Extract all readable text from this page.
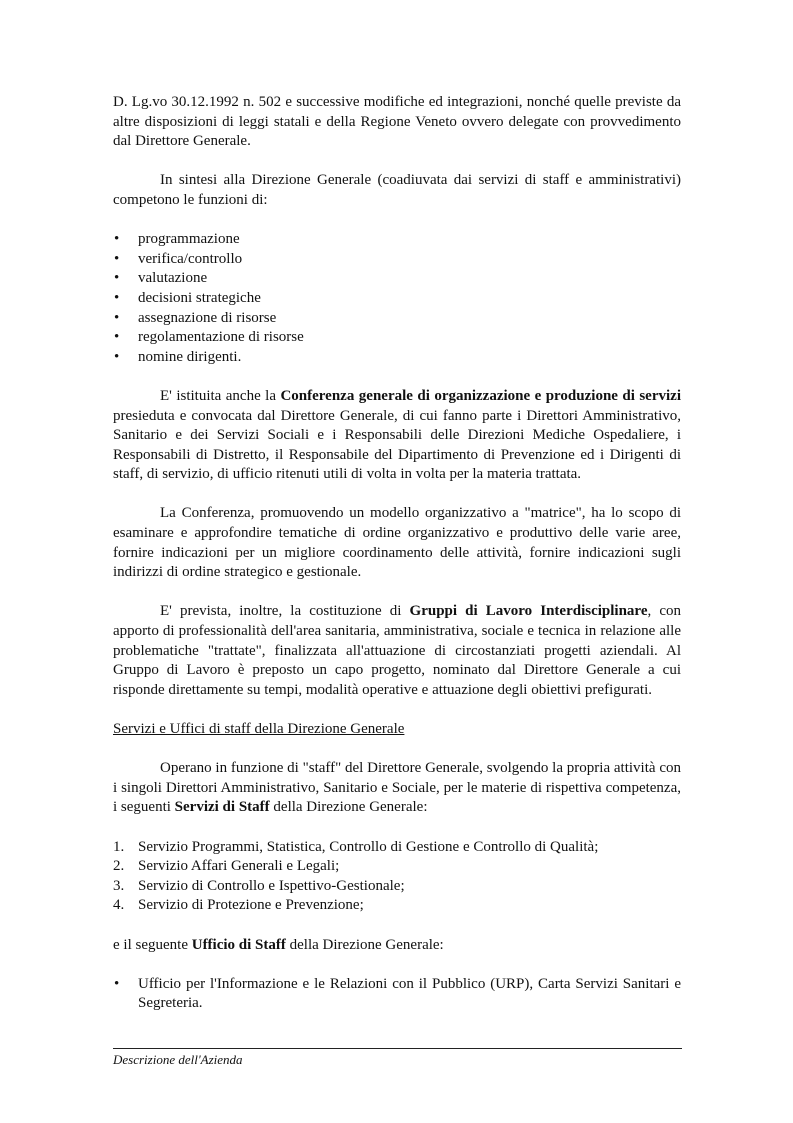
D. Lg.vo 30.12.1992 n. 502 e successive modifiche ed integrazioni, nonché quelle previste da altre disposizioni di leggi statali e della Regione Veneto ovvero delegate con provvedimento dal Direttore Generale.

In sintesi alla Direzione Generale (coadiuvata dai servizi di staff e amministrativi) competono le funzioni di:

• programmazione
• verifica/controllo
• valutazione
• decisioni strategiche
• assegnazione di risorse
• regolamentazione di risorse
• nomine dirigenti.

E' istituita anche la Conferenza generale di organizzazione e produzione di servizi presieduta e convocata dal Direttore Generale, di cui fanno parte i Direttori Amministrativo, Sanitario e dei Servizi Sociali e i Responsabili delle Direzioni Mediche Ospedaliere, i Responsabili di Distretto, il Responsabile del Dipartimento di Prevenzione ed i Dirigenti di staff, di servizio, di ufficio ritenuti utili di volta in volta per la materia trattata.

La Conferenza, promuovendo un modello organizzativo a "matrice", ha lo scopo di esaminare e approfondire tematiche di ordine organizzativo e produttivo delle varie aree, fornire indicazioni per un migliore coordinamento delle attività, fornire indicazioni sugli indirizzi di ordine strategico e gestionale.

E' prevista, inoltre, la costituzione di Gruppi di Lavoro Interdisciplinare, con apporto di professionalità dell'area sanitaria, amministrativa, sociale e tecnica in relazione alle problematiche "trattate", finalizzata all'attuazione di circostanziati progetti aziendali. Al Gruppo di Lavoro è preposto un capo progetto, nominato dal Direttore Generale a cui risponde direttamente su tempi, modalità operative e attuazione degli obiettivi prefigurati.

Servizi e Uffici di staff della Direzione Generale

Operano in funzione di "staff" del Direttore Generale, svolgendo la propria attività con i singoli Direttori Amministrativo, Sanitario e Sociale, per le materie di rispettiva competenza, i seguenti Servizi di Staff della Direzione Generale:

1. Servizio Programmi, Statistica, Controllo di Gestione e Controllo di Qualità;
2. Servizio Affari Generali e Legali;
3. Servizio di Controllo e Ispettivo-Gestionale;
4. Servizio di Protezione e Prevenzione;

e il seguente Ufficio di Staff della Direzione Generale:

• Ufficio per l'Informazione e le Relazioni con il Pubblico (URP), Carta Servizi Sanitari e Segreteria.
Descrizione dell'Azienda
